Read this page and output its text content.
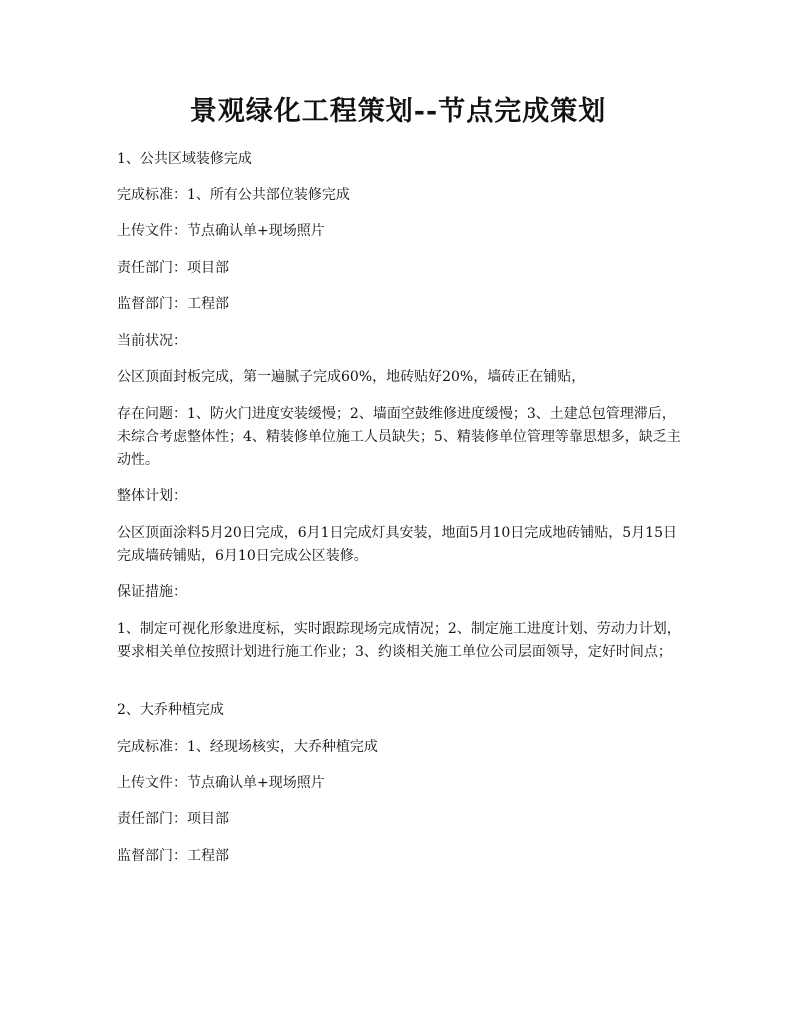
景观绿化工程策划--节点完成策划
1、公共区域装修完成
完成标准：1、所有公共部位装修完成
上传文件：节点确认单+现场照片
责任部门：项目部
监督部门：工程部
当前状况：
公区顶面封板完成，第一遍腻子完成60%，地砖贴好20%，墙砖正在铺贴，
存在问题：1、防火门进度安装缓慢；2、墙面空鼓维修进度缓慢；3、土建总包管理滞后，未综合考虑整体性；4、精装修单位施工人员缺失；5、精装修单位管理等靠思想多，缺乏主动性。
整体计划：
公区顶面涂料5月20日完成，6月1日完成灯具安装，地面5月10日完成地砖铺贴，5月15日完成墙砖铺贴，6月10日完成公区装修。
保证措施：
1、制定可视化形象进度标，实时跟踪现场完成情况；2、制定施工进度计划、劳动力计划，要求相关单位按照计划进行施工作业；3、约谈相关施工单位公司层面领导，定好时间点；
2、大乔种植完成
完成标准：1、经现场核实，大乔种植完成
上传文件：节点确认单+现场照片
责任部门：项目部
监督部门：工程部
